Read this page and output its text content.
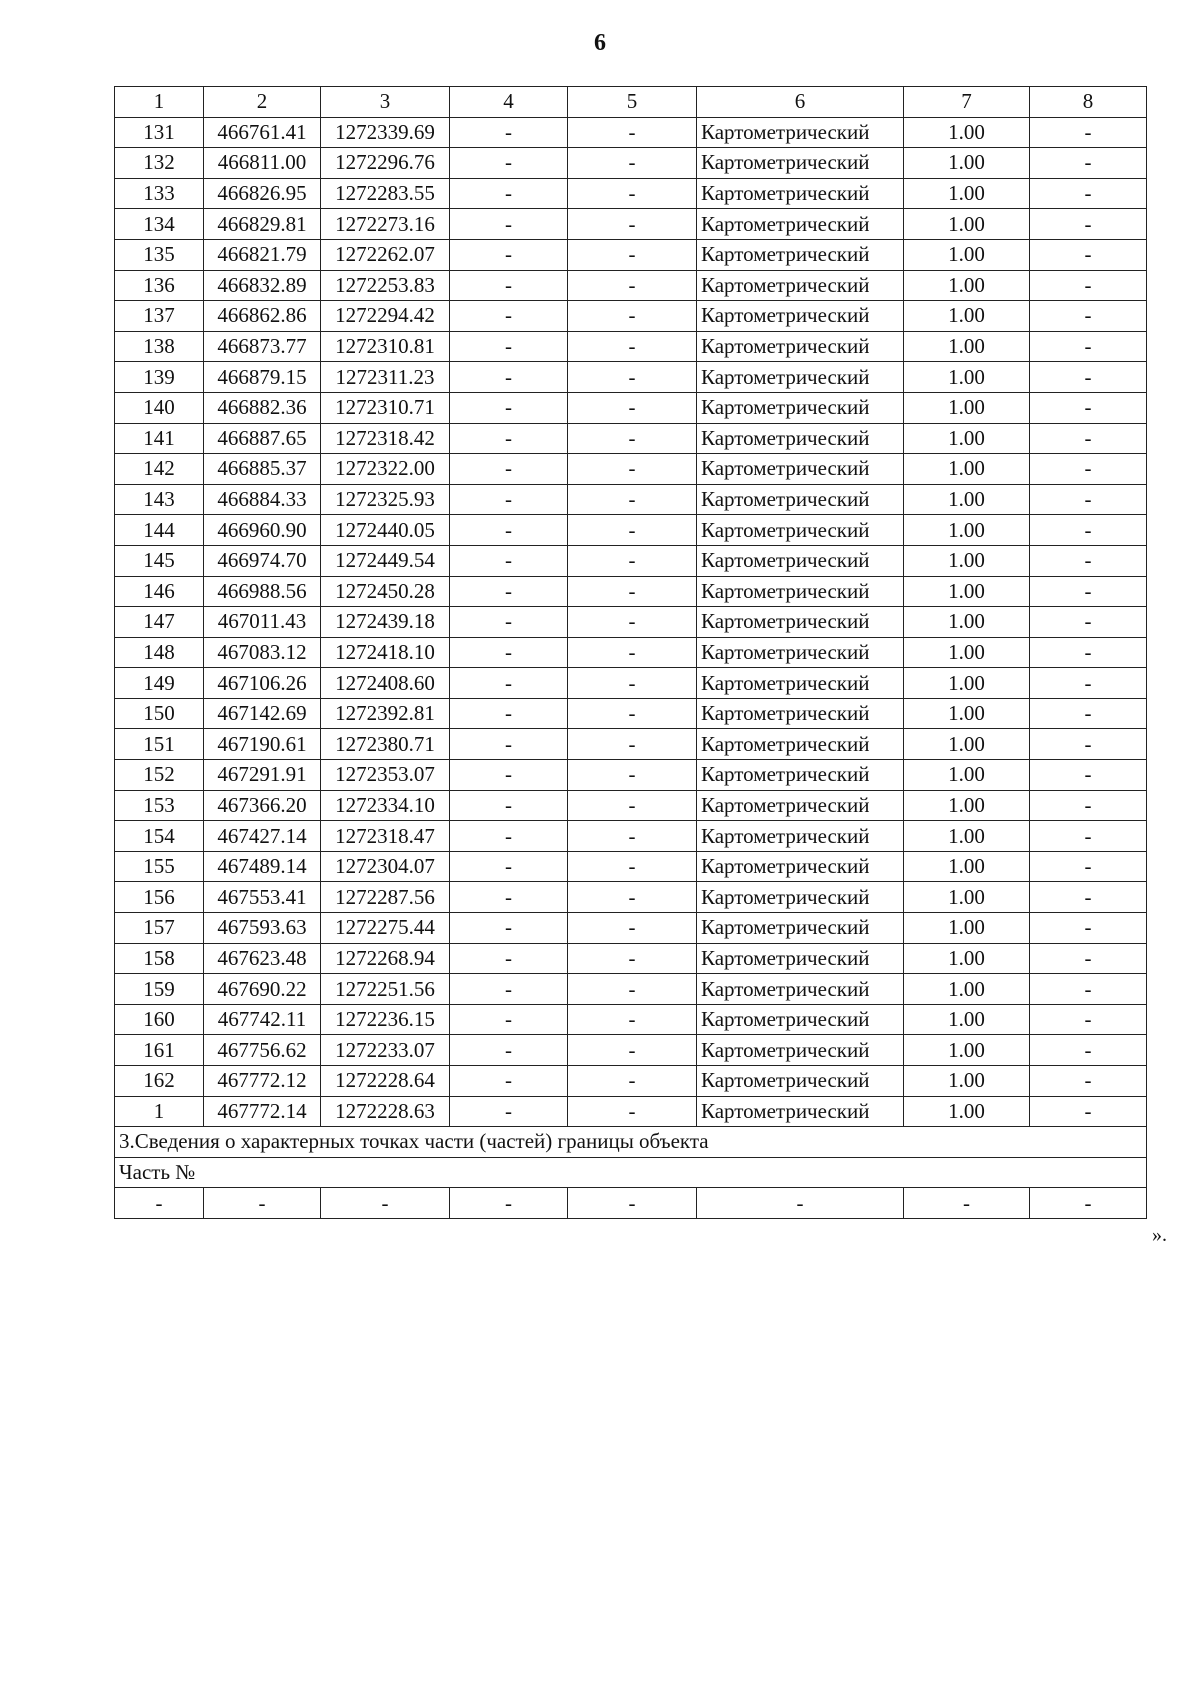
6
1	2	3	4	5	6	7	8
131	466761.41	1272339.69	-	-	Картометрический	1.00	-
132	466811.00	1272296.76	-	-	Картометрический	1.00	-
133	466826.95	1272283.55	-	-	Картометрический	1.00	-
134	466829.81	1272273.16	-	-	Картометрический	1.00	-
135	466821.79	1272262.07	-	-	Картометрический	1.00	-
136	466832.89	1272253.83	-	-	Картометрический	1.00	-
137	466862.86	1272294.42	-	-	Картометрический	1.00	-
138	466873.77	1272310.81	-	-	Картометрический	1.00	-
139	466879.15	1272311.23	-	-	Картометрический	1.00	-
140	466882.36	1272310.71	-	-	Картометрический	1.00	-
141	466887.65	1272318.42	-	-	Картометрический	1.00	-
142	466885.37	1272322.00	-	-	Картометрический	1.00	-
143	466884.33	1272325.93	-	-	Картометрический	1.00	-
144	466960.90	1272440.05	-	-	Картометрический	1.00	-
145	466974.70	1272449.54	-	-	Картометрический	1.00	-
146	466988.56	1272450.28	-	-	Картометрический	1.00	-
147	467011.43	1272439.18	-	-	Картометрический	1.00	-
148	467083.12	1272418.10	-	-	Картометрический	1.00	-
149	467106.26	1272408.60	-	-	Картометрический	1.00	-
150	467142.69	1272392.81	-	-	Картометрический	1.00	-
151	467190.61	1272380.71	-	-	Картометрический	1.00	-
152	467291.91	1272353.07	-	-	Картометрический	1.00	-
153	467366.20	1272334.10	-	-	Картометрический	1.00	-
154	467427.14	1272318.47	-	-	Картометрический	1.00	-
155	467489.14	1272304.07	-	-	Картометрический	1.00	-
156	467553.41	1272287.56	-	-	Картометрический	1.00	-
157	467593.63	1272275.44	-	-	Картометрический	1.00	-
158	467623.48	1272268.94	-	-	Картометрический	1.00	-
159	467690.22	1272251.56	-	-	Картометрический	1.00	-
160	467742.11	1272236.15	-	-	Картометрический	1.00	-
161	467756.62	1272233.07	-	-	Картометрический	1.00	-
162	467772.12	1272228.64	-	-	Картометрический	1.00	-
1	467772.14	1272228.63	-	-	Картометрический	1.00	-
3.Сведения о характерных точках части (частей) границы объекта							
Часть №							
-	-	-	-	-	-	-	-
».
